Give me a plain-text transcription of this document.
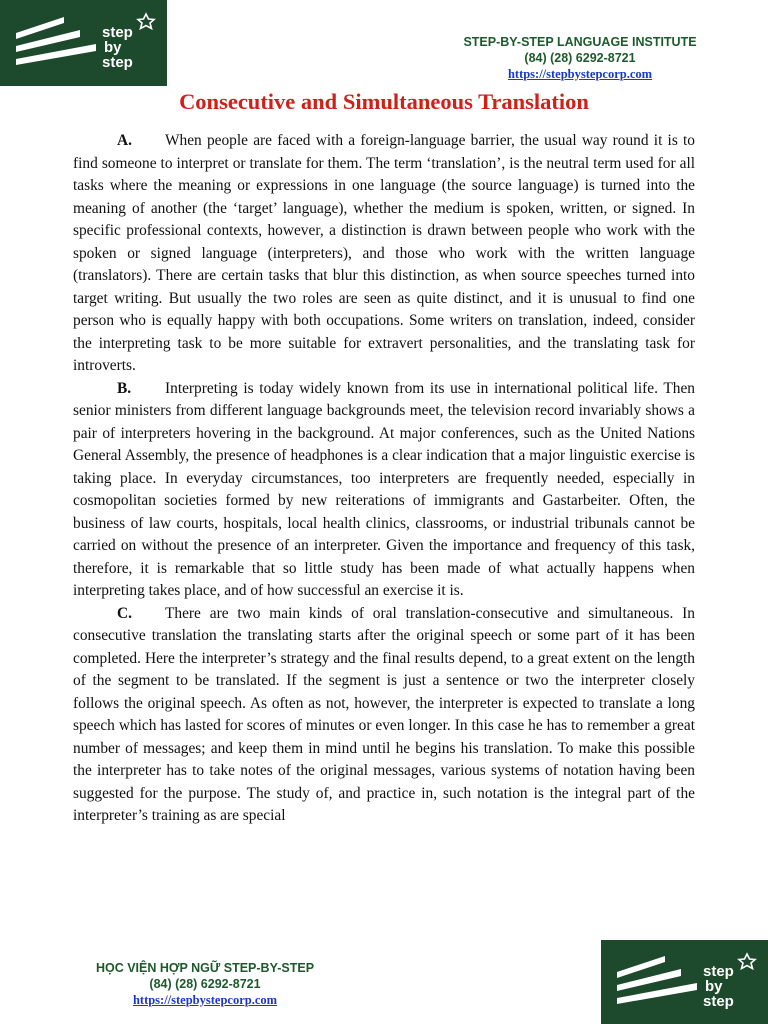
step
by
step
STEP-BY-STEP LANGUAGE INSTITUTE
(84) (28) 6292-8721
https://stepbystepcorp.com
Consecutive and Simultaneous Translation

A. When people are faced with a foreign-language barrier, the usual way round it is to find someone to interpret or translate for them. The term ‘translation’, is the neutral term used for all tasks where the meaning or expressions in one language (the source language) is turned into the meaning of another (the ‘target’ language), whether the medium is spoken, written, or signed. In specific professional contexts, however, a distinction is drawn between people who work with the spoken or signed language (interpreters), and those who work with the written language (translators). There are certain tasks that blur this distinction, as when source speeches turned into target writing. But usually the two roles are seen as quite distinct, and it is unusual to find one person who is equally happy with both occupations. Some writers on translation, indeed, consider the interpreting task to be more suitable for extravert personalities, and the translating task for introverts.

B. Interpreting is today widely known from its use in international political life. Then senior ministers from different language backgrounds meet, the television record invariably shows a pair of interpreters hovering in the background. At major conferences, such as the United Nations General Assembly, the presence of headphones is a clear indication that a major linguistic exercise is taking place. In everyday circumstances, too interpreters are frequently needed, especially in cosmopolitan societies formed by new reiterations of immigrants and Gastarbeiter. Often, the business of law courts, hospitals, local health clinics, classrooms, or industrial tribunals cannot be carried on without the presence of an interpreter. Given the importance and frequency of this task, therefore, it is remarkable that so little study has been made of what actually happens when interpreting takes place, and of how successful an exercise it is.

C. There are two main kinds of oral translation-consecutive and simultaneous. In consecutive translation the translating starts after the original speech or some part of it has been completed. Here the interpreter’s strategy and the final results depend, to a great extent on the length of the segment to be translated. If the segment is just a sentence or two the interpreter closely follows the original speech. As often as not, however, the interpreter is expected to translate a long speech which has lasted for scores of minutes or even longer. In this case he has to remember a great number of messages; and keep them in mind until he begins his translation. To make this possible the interpreter has to take notes of the original messages, various systems of notation having been suggested for the purpose. The study of, and practice in, such notation is the integral part of the interpreter’s training as are special

HỌC VIỆN HỢP NGỮ STEP-BY-STEP
(84) (28) 6292-8721
https://stepbystepcorp.com
step
by
step
